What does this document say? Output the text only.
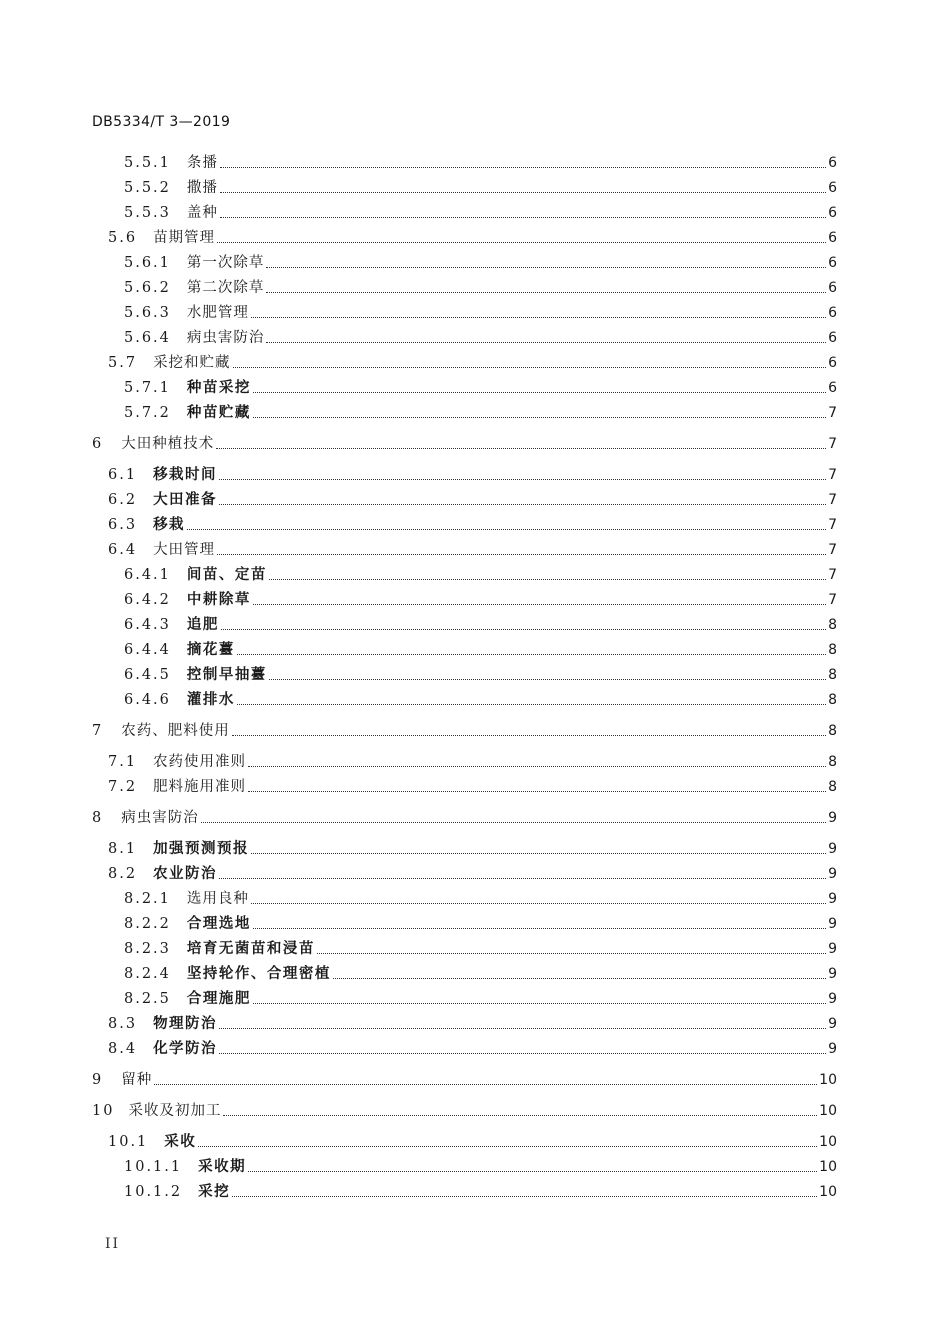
DB5334/T 3—2019
5.5.1 条播	6
5.5.2 撒播	6
5.5.3 盖种	6
5.6 苗期管理	6
5.6.1 第一次除草	6
5.6.2 第二次除草	6
5.6.3 水肥管理	6
5.6.4 病虫害防治	6
5.7 采挖和贮藏	6
5.7.1 种苗采挖	6
5.7.2 种苗贮藏	7
6 大田种植技术	7
6.1 移栽时间	7
6.2 大田准备	7
6.3 移栽	7
6.4 大田管理	7
6.4.1 间苗、定苗	7
6.4.2 中耕除草	7
6.4.3 追肥	8
6.4.4 摘花薹	8
6.4.5 控制早抽薹	8
6.4.6 灌排水	8
7 农药、肥料使用	8
7.1 农药使用准则	8
7.2 肥料施用准则	8
8 病虫害防治	9
8.1 加强预测预报	9
8.2 农业防治	9
8.2.1 选用良种	9
8.2.2 合理选地	9
8.2.3 培育无菌苗和浸苗	9
8.2.4 坚持轮作、合理密植	9
8.2.5 合理施肥	9
8.3 物理防治	9
8.4 化学防治	9
9 留种	10
10 采收及初加工	10
10.1 采收	10
10.1.1 采收期	10
10.1.2 采挖	10
II
